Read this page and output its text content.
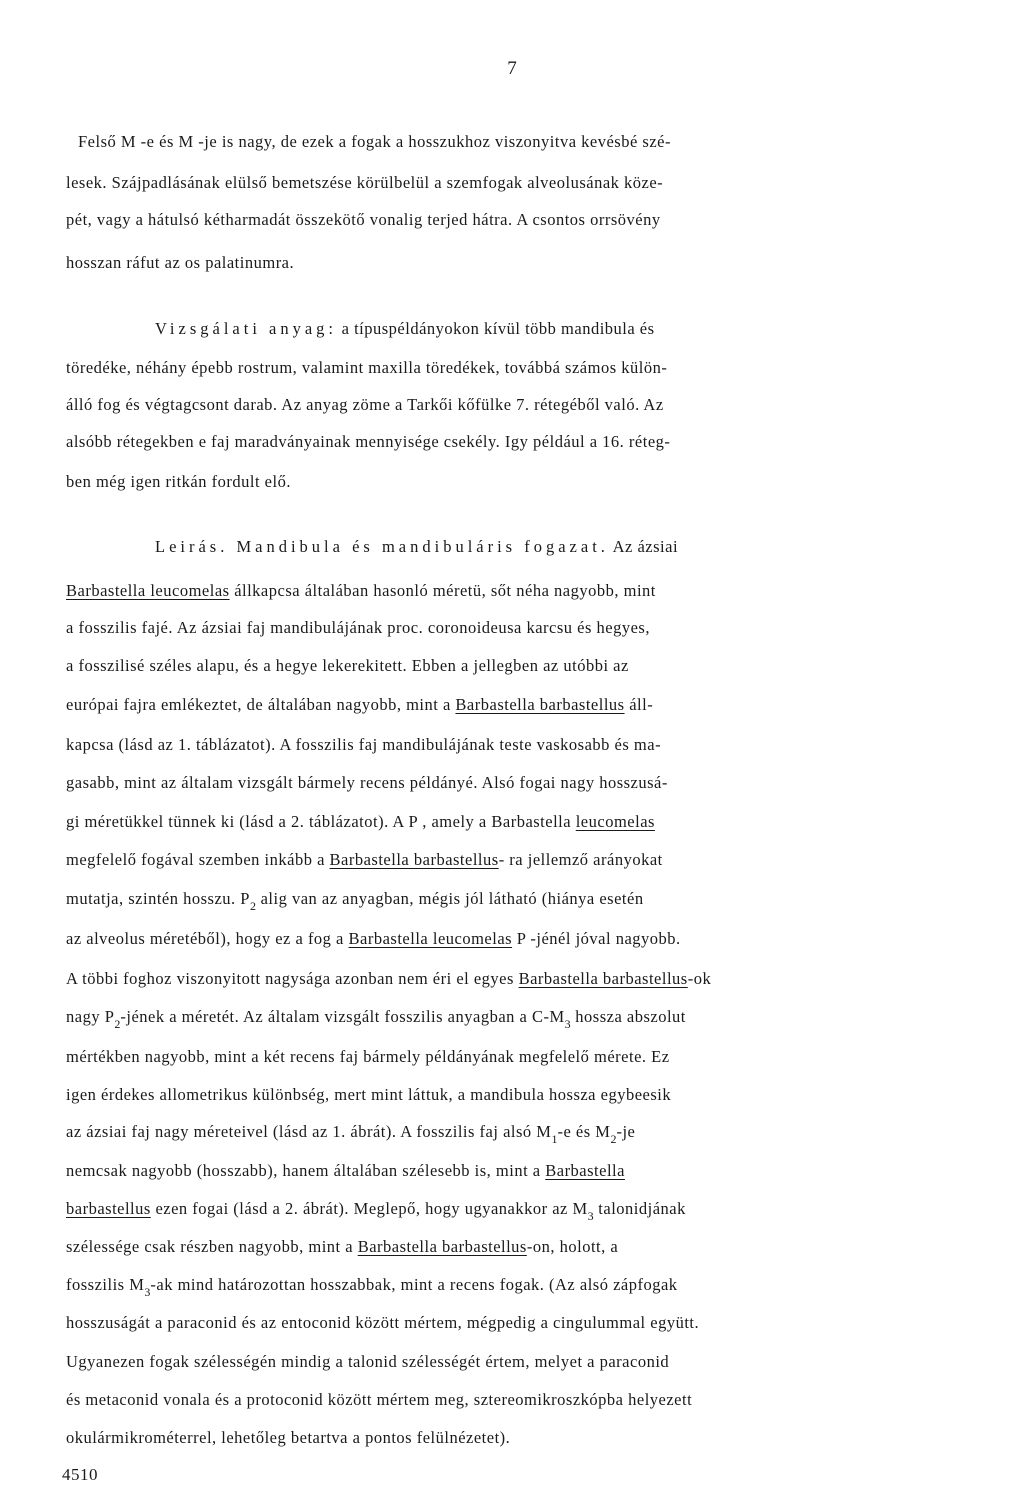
7
Felső M -e és M -je is nagy, de ezek a fogak a hosszukhoz viszonyitva kevésbé szé-
lesek. Szájpadlásának elülső bemetszése körülbelül a szemfogak alveolusának köze-
pét, vagy a hátulsó kétharmadát összekötő vonalig terjed hátra. A csontos orrsövény
hosszan ráfut az os palatinumra.
Vizsgálati anyag: a típuspéldányokon kívül több mandibula és
töredéke, néhány épebb rostrum, valamint maxilla töredékek, továbbá számos külön-
álló fog és végtagcsont darab. Az anyag zöme a Tarkői kőfülke 7. rétegéből való. Az
alsóbb rétegekben e faj maradványainak mennyisége csekély. Igy például a 16. réteg-
ben még igen ritkán fordult elő.
Leirás. Mandibula és mandibuláris fogazat. Az ázsiai
Barbastella leucomelas állkapcsa általában hasonló méretü, sőt néha nagyobb, mint
a fosszilis fajé. Az ázsiai faj mandibulájának proc. coronoideusa karcsu és hegyes,
a fosszilisé széles alapu, és a hegye lekerekitett. Ebben a jellegben az utóbbi az
európai fajra emlékeztet, de általában nagyobb, mint a Barbastella barbastellus áll-
kapcsa (lásd az 1. táblázatot). A fosszilis faj mandibulájának teste vaskosabb és ma-
gasabb, mint az általam vizsgált bármely recens példányé. Alsó fogai nagy hosszusá-
gi méretükkel tünnek ki (lásd a 2. táblázatot). A P , amely a Barbastella leucomelas
megfelelő fogával szemben inkább a Barbastella barbastellus- ra jellemző arányokat
mutatja, szintén hosszu. $P_2$ alig van az anyagban, mégis jól látható (hiánya esetén
az alveolus méretéből), hogy ez a fog a Barbastella leucomelas P -jénél jóval nagyobb.
A többi foghoz viszonyitott nagysága azonban nem éri el egyes Barbastella barbastellus-ok
nagy $P_2$-jének a méretét. Az általam vizsgált fosszilis anyagban a $C-M_3$ hossza abszolut
mértékben nagyobb, mint a két recens faj bármely példányának megfelelő mérete. Ez
igen érdekes allometrikus különbség, mert mint láttuk, a mandibula hossza egybeesik
az ázsiai faj nagy méreteivel (lásd az 1. ábrát). A fosszilis faj alsó $M_1-e$ és $M_2-je$
nemcsak nagyobb (hosszabb), hanem általában szélesebb is, mint a Barbastella
barbastellus ezen fogai (lásd a 2. ábrát). Meglepő, hogy ugyanakkor az $M_3$ talonidjának
szélessége csak részben nagyobb, mint a Barbastella barbastellus-on, holott, a
fosszilis $M_3-ak$ mind határozottan hosszabbak, mint a recens fogak. (Az alsó zápfogak
hosszuságát a paraconid és az entoconid között mértem, mégpedig a cingulummal együtt.
Ugyanezen fogak szélességén mindig a talonid szélességét értem, melyet a paraconid
és metaconid vonala és a protoconid között mértem meg, sztereomikroszkópba helyezett
okulármikrométerrel, lehetőleg betartva a pontos felülnézetet).
4510
